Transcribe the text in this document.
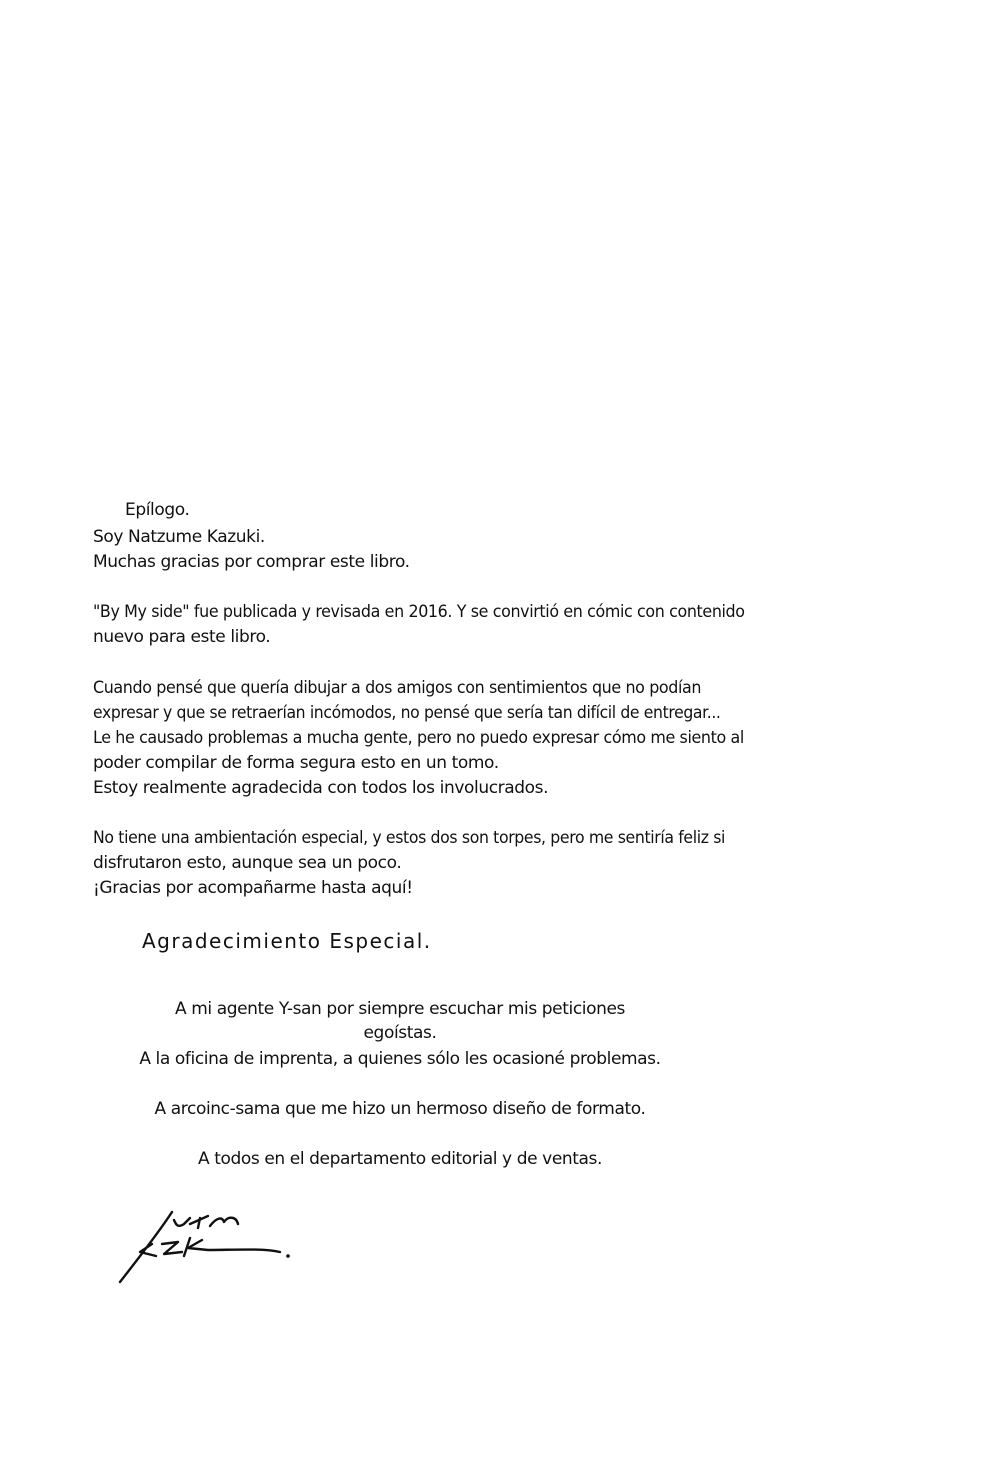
Epílogo.
Soy Natzume Kazuki.
Muchas gracias por comprar este libro.
"By My side" fue publicada y revisada en 2016. Y se convirtió en cómic con contenido
nuevo para este libro.
Cuando pensé que quería dibujar a dos amigos con sentimientos que no podían
expresar y que se retraerían incómodos, no pensé que sería tan difícil de entregar...
Le he causado problemas a mucha gente, pero no puedo expresar cómo me siento al
poder compilar de forma segura esto en un tomo.
Estoy realmente agradecida con todos los involucrados.
No tiene una ambientación especial, y estos dos son torpes, pero me sentiría feliz si
disfrutaron esto, aunque sea un poco.
¡Gracias por acompañarme hasta aquí!
Agradecimiento Especial.
A mi agente Y-san por siempre escuchar mis peticiones
egoístas.
A la oficina de imprenta, a quienes sólo les ocasioné problemas.
A arcoinc-sama que me hizo un hermoso diseño de formato.
A todos en el departamento editorial y de ventas.
